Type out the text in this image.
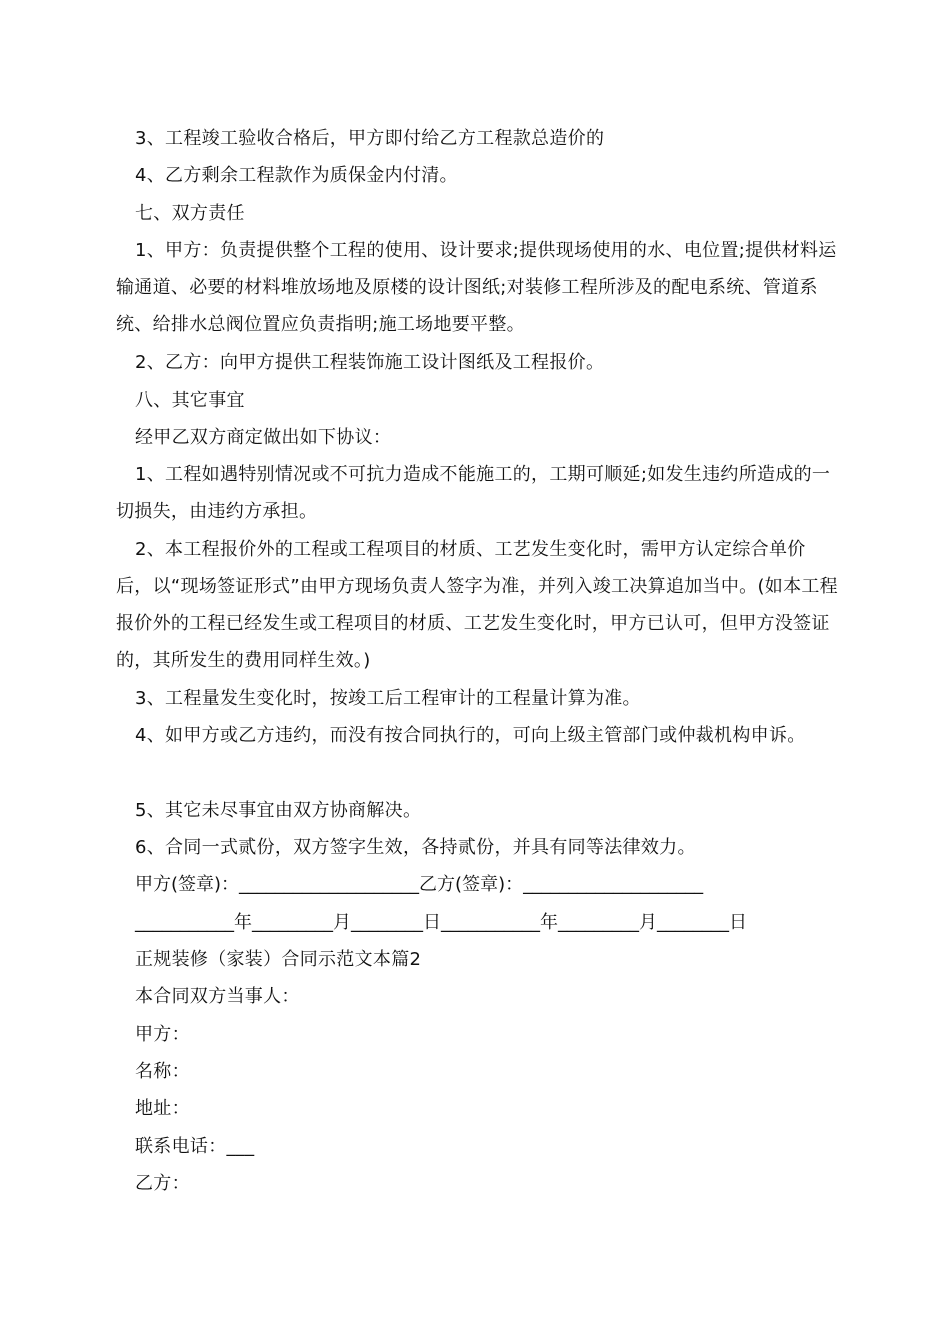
3、工程竣工验收合格后，甲方即付给乙方工程款总造价的

4、乙方剩余工程款作为质保金内付清。

七、双方责任

1、甲方：负责提供整个工程的使用、设计要求;提供现场使用的水、电位置;提供材料运输通道、必要的材料堆放场地及原楼的设计图纸;对装修工程所涉及的配电系统、管道系统、给排水总阀位置应负责指明;施工场地要平整。

2、乙方：向甲方提供工程装饰施工设计图纸及工程报价。

八、其它事宜

经甲乙双方商定做出如下协议：

1、工程如遇特别情况或不可抗力造成不能施工的，工期可顺延;如发生违约所造成的一切损失，由违约方承担。

2、本工程报价外的工程或工程项目的材质、工艺发生变化时，需甲方认定综合单价后，以“现场签证形式”由甲方现场负责人签字为准，并列入竣工决算追加当中。(如本工程报价外的工程已经发生或工程项目的材质、工艺发生变化时，甲方已认可，但甲方没签证的，其所发生的费用同样生效。)

3、工程量发生变化时，按竣工后工程审计的工程量计算为准。

4、如甲方或乙方违约，而没有按合同执行的，可向上级主管部门或仲裁机构申诉。

5、其它未尽事宜由双方协商解决。

6、合同一式贰份，双方签字生效，各持贰份，并具有同等法律效力。

甲方(签章)：____________________乙方(签章)：____________________
___________年_________月________日___________年_________月________日

正规装修（家装）合同示范文本篇2

本合同双方当事人：

甲方：

名称：

地址：

联系电话：___

乙方：
